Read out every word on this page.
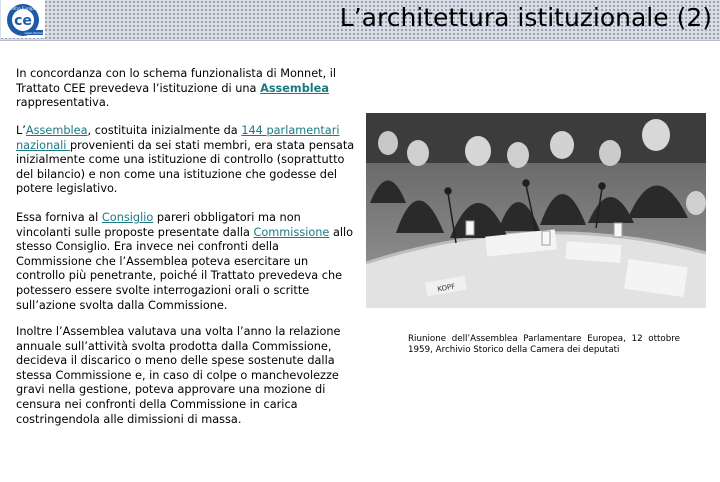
ce
Centro Europeo
Lazio Piemonte
L’architettura istituzionale (2)

In concordanza con lo schema funzionalista di Monnet, il Trattato CEE prevedeva l’istituzione di una Assemblea rappresentativa.

L’Assemblea, costituita inizialmente da 144 parlamentari nazionali provenienti da sei stati membri, era stata pensata inizialmente come una istituzione di controllo (soprattutto del bilancio) e non come una istituzione che godesse del potere legislativo.

Essa forniva al Consiglio pareri obbligatori ma non vincolanti sulle proposte presentate dalla Commissione allo stesso Consiglio. Era invece nei confronti della Commissione che l’Assemblea poteva esercitare un controllo più penetrante, poiché il Trattato prevedeva che potessero essere svolte interrogazioni orali o scritte sull’azione svolta dalla Commissione.

Inoltre l’Assemblea valutava una volta l’anno la relazione annuale sull’attività svolta prodotta dalla Commissione, decideva il discarico o meno delle spese sostenute dalla stessa Commissione e, in caso di colpe o manchevolezze gravi nella gestione, poteva approvare una mozione di censura nei confronti della Commissione in carica costringendola alle dimissioni di massa.

KOPF
Riunione dell’Assemblea Parlamentare Europea, 12 ottobre 1959, Archivio Storico della Camera dei deputati
